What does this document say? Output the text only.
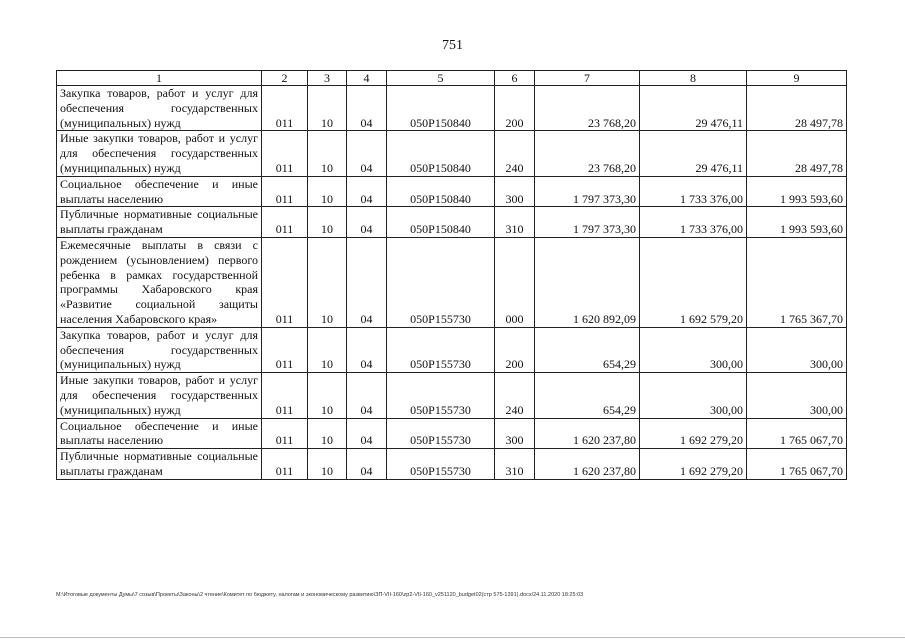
751
1	2	3	4	5	6	7	8	9
Закупка товаров, работ и услуг для обеспечения государственных (муниципальных) нужд	011	10	04	050P150840	200	23 768,20	29 476,11	28 497,78
Иные закупки товаров, работ и услуг для обеспечения государственных (муниципальных) нужд	011	10	04	050P150840	240	23 768,20	29 476,11	28 497,78
Социальное обеспечение и иные выплаты населению	011	10	04	050P150840	300	1 797 373,30	1 733 376,00	1 993 593,60
Публичные нормативные социальные выплаты гражданам	011	10	04	050P150840	310	1 797 373,30	1 733 376,00	1 993 593,60
Ежемесячные выплаты в связи с рождением (усыновлением) первого ребенка в рамках государственной программы Хабаровского края «Развитие социальной защиты населения Хабаровского края»	011	10	04	050P155730	000	1 620 892,09	1 692 579,20	1 765 367,70
Закупка товаров, работ и услуг для обеспечения государственных (муниципальных) нужд	011	10	04	050P155730	200	654,29	300,00	300,00
Иные закупки товаров, работ и услуг для обеспечения государственных (муниципальных) нужд	011	10	04	050P155730	240	654,29	300,00	300,00
Социальное обеспечение и иные выплаты населению	011	10	04	050P155730	300	1 620 237,80	1 692 279,20	1 765 067,70
Публичные нормативные социальные выплаты гражданам	011	10	04	050P155730	310	1 620 237,80	1 692 279,20	1 765 067,70
M:\Итоговые документы Думы\7 созыв\Проекты\Законы\2 чтение\Комитет по бюджету, налогам и экономическому развитию\ЗП-VII-160\zp2-VII-160_v251120_budget02(стр 575-1391).docx/24.11.2020 18:25:03
